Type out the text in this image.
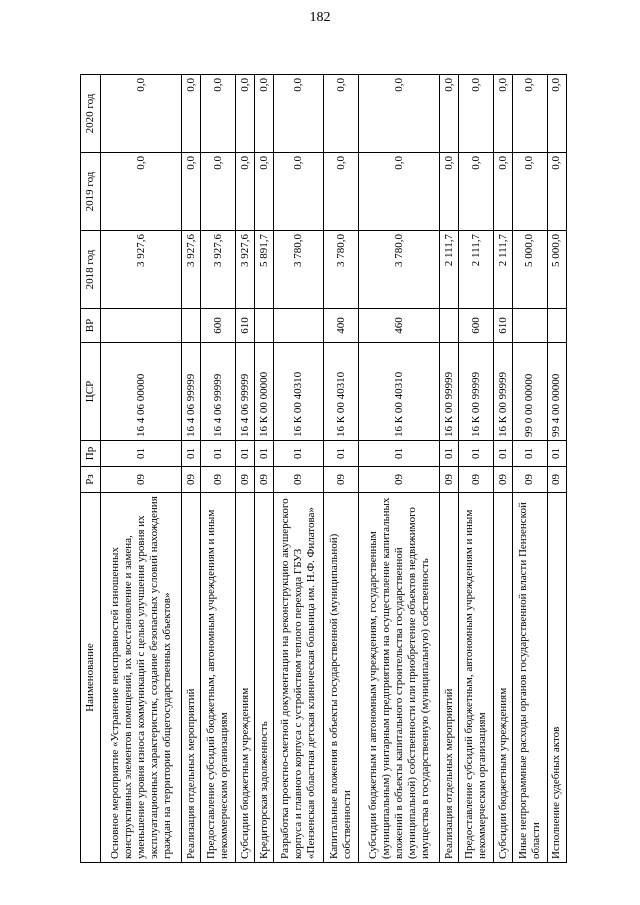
182
Наименование	Рз	Пр	ЦСР	ВР	2018 год	2019 год	2020 год
Основное мероприятие «Устранение неисправностей изношенных конструктивных элементов помещений, их восстановление и замена, уменьшение уровня износа коммуникаций с целью улучшения уровня их эксплуатационных характеристик, создание безопасных условий нахождения граждан на территории общегосударственных объектов»	09	01	16 4 06 00000		3 927,6	0,0	0,0
Реализация отдельных мероприятий	09	01	16 4 06 99999		3 927,6	0,0	0,0
Предоставление субсидий бюджетным, автономным учреждениям и иным некоммерческим организациям	09	01	16 4 06 99999	600	3 927,6	0,0	0,0
Субсидии бюджетным учреждениям	09	01	16 4 06 99999	610	3 927,6	0,0	0,0
Кредиторская задолженность	09	01	16 К 00 00000		5 891,7	0,0	0,0
Разработка проектно-сметной документации на реконструкцию акушерского корпуса и главного корпуса с устройством теплого перехода ГБУЗ «Пензенская областная детская клиническая больница им. Н.Ф. Филатова»	09	01	16 К 00 40310		3 780,0	0,0	0,0
Капитальные вложения в объекты государственной (муниципальной) собственности	09	01	16 К 00 40310	400	3 780,0	0,0	0,0
Субсидии бюджетным и автономным учреждениям, государственным (муниципальным) унитарным предприятиям на осуществление капитальных вложений в объекты капитального строительства государственной (муниципальной) собственности или приобретение объектов недвижимого имущества в государственную (муниципальную) собственность	09	01	16 К 00 40310	460	3 780,0	0,0	0,0
Реализация отдельных мероприятий	09	01	16 К 00 99999		2 111,7	0,0	0,0
Предоставление субсидий бюджетным, автономным учреждениям и иным некоммерческим организациям	09	01	16 К 00 99999	600	2 111,7	0,0	0,0
Субсидии бюджетным учреждениям	09	01	16 К 00 99999	610	2 111,7	0,0	0,0
Иные непрограммные расходы органов государственной власти Пензенской области	09	01	99 0 00 00000		5 000,0	0,0	0,0
Исполнение судебных актов	09	01	99 4 00 00000		5 000,0	0,0	0,0
